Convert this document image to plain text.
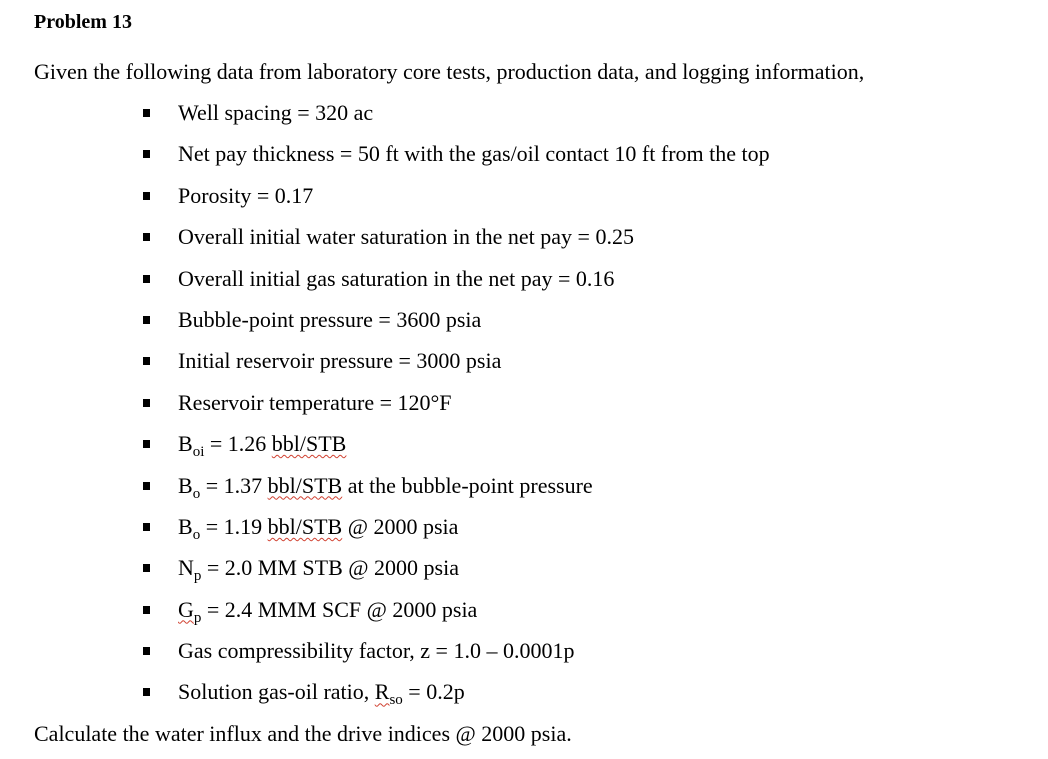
Problem 13
Given the following data from laboratory core tests, production data, and logging information,
Well spacing = 320 ac
Net pay thickness = 50 ft with the gas/oil contact 10 ft from the top
Porosity = 0.17
Overall initial water saturation in the net pay = 0.25
Overall initial gas saturation in the net pay = 0.16
Bubble-point pressure = 3600 psia
Initial reservoir pressure = 3000 psia
Reservoir temperature = 120°F
$B_{oi} = 1.26$ bbl/STB
$B_o = 1.37$ bbl/STB at the bubble-point pressure
$B_o = 1.19$ bbl/STB @ 2000 psia
$N_p = 2.0$ MM STB @ 2000 psia
$G_p = 2.4$ MMM SCF @ 2000 psia
Gas compressibility factor, z = 1.0 – 0.0001p
Solution gas-oil ratio, $R_{so} = 0.2p$
Calculate the water influx and the drive indices @ 2000 psia.
